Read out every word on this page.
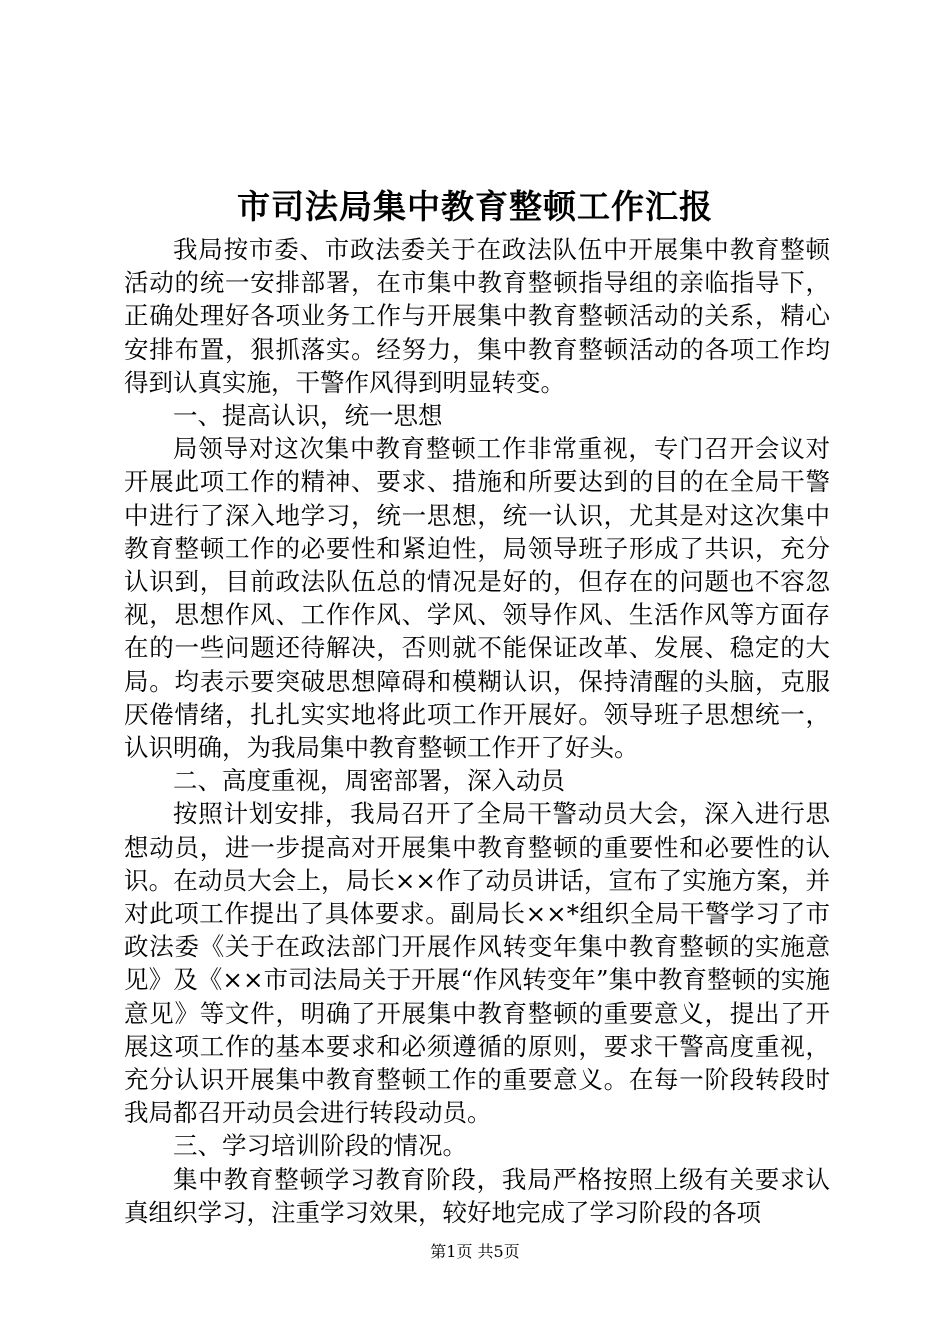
市司法局集中教育整顿工作汇报

我局按市委、市政法委关于在政法队伍中开展集中教育整顿活动的统一安排部署，在市集中教育整顿指导组的亲临指导下，正确处理好各项业务工作与开展集中教育整顿活动的关系，精心安排布置，狠抓落实。经努力，集中教育整顿活动的各项工作均得到认真实施，干警作风得到明显转变。

一、提高认识，统一思想

局领导对这次集中教育整顿工作非常重视，专门召开会议对开展此项工作的精神、要求、措施和所要达到的目的在全局干警中进行了深入地学习，统一思想，统一认识，尤其是对这次集中教育整顿工作的必要性和紧迫性，局领导班子形成了共识，充分认识到，目前政法队伍总的情况是好的，但存在的问题也不容忽视，思想作风、工作作风、学风、领导作风、生活作风等方面存在的一些问题还待解决，否则就不能保证改革、发展、稳定的大局。均表示要突破思想障碍和模糊认识，保持清醒的头脑，克服厌倦情绪，扎扎实实地将此项工作开展好。领导班子思想统一，认识明确，为我局集中教育整顿工作开了好头。

二、高度重视，周密部署，深入动员

按照计划安排，我局召开了全局干警动员大会，深入进行思想动员，进一步提高对开展集中教育整顿的重要性和必要性的认识。在动员大会上，局长××作了动员讲话，宣布了实施方案，并对此项工作提出了具体要求。副局长××*组织全局干警学习了市政法委《关于在政法部门开展作风转变年集中教育整顿的实施意见》及《××市司法局关于开展“作风转变年”集中教育整顿的实施意见》等文件，明确了开展集中教育整顿的重要意义，提出了开展这项工作的基本要求和必须遵循的原则，要求干警高度重视，充分认识开展集中教育整顿工作的重要意义。在每一阶段转段时我局都召开动员会进行转段动员。

三、学习培训阶段的情况。

集中教育整顿学习教育阶段，我局严格按照上级有关要求认真组织学习，注重学习效果，较好地完成了学习阶段的各项

第1页 共5页
